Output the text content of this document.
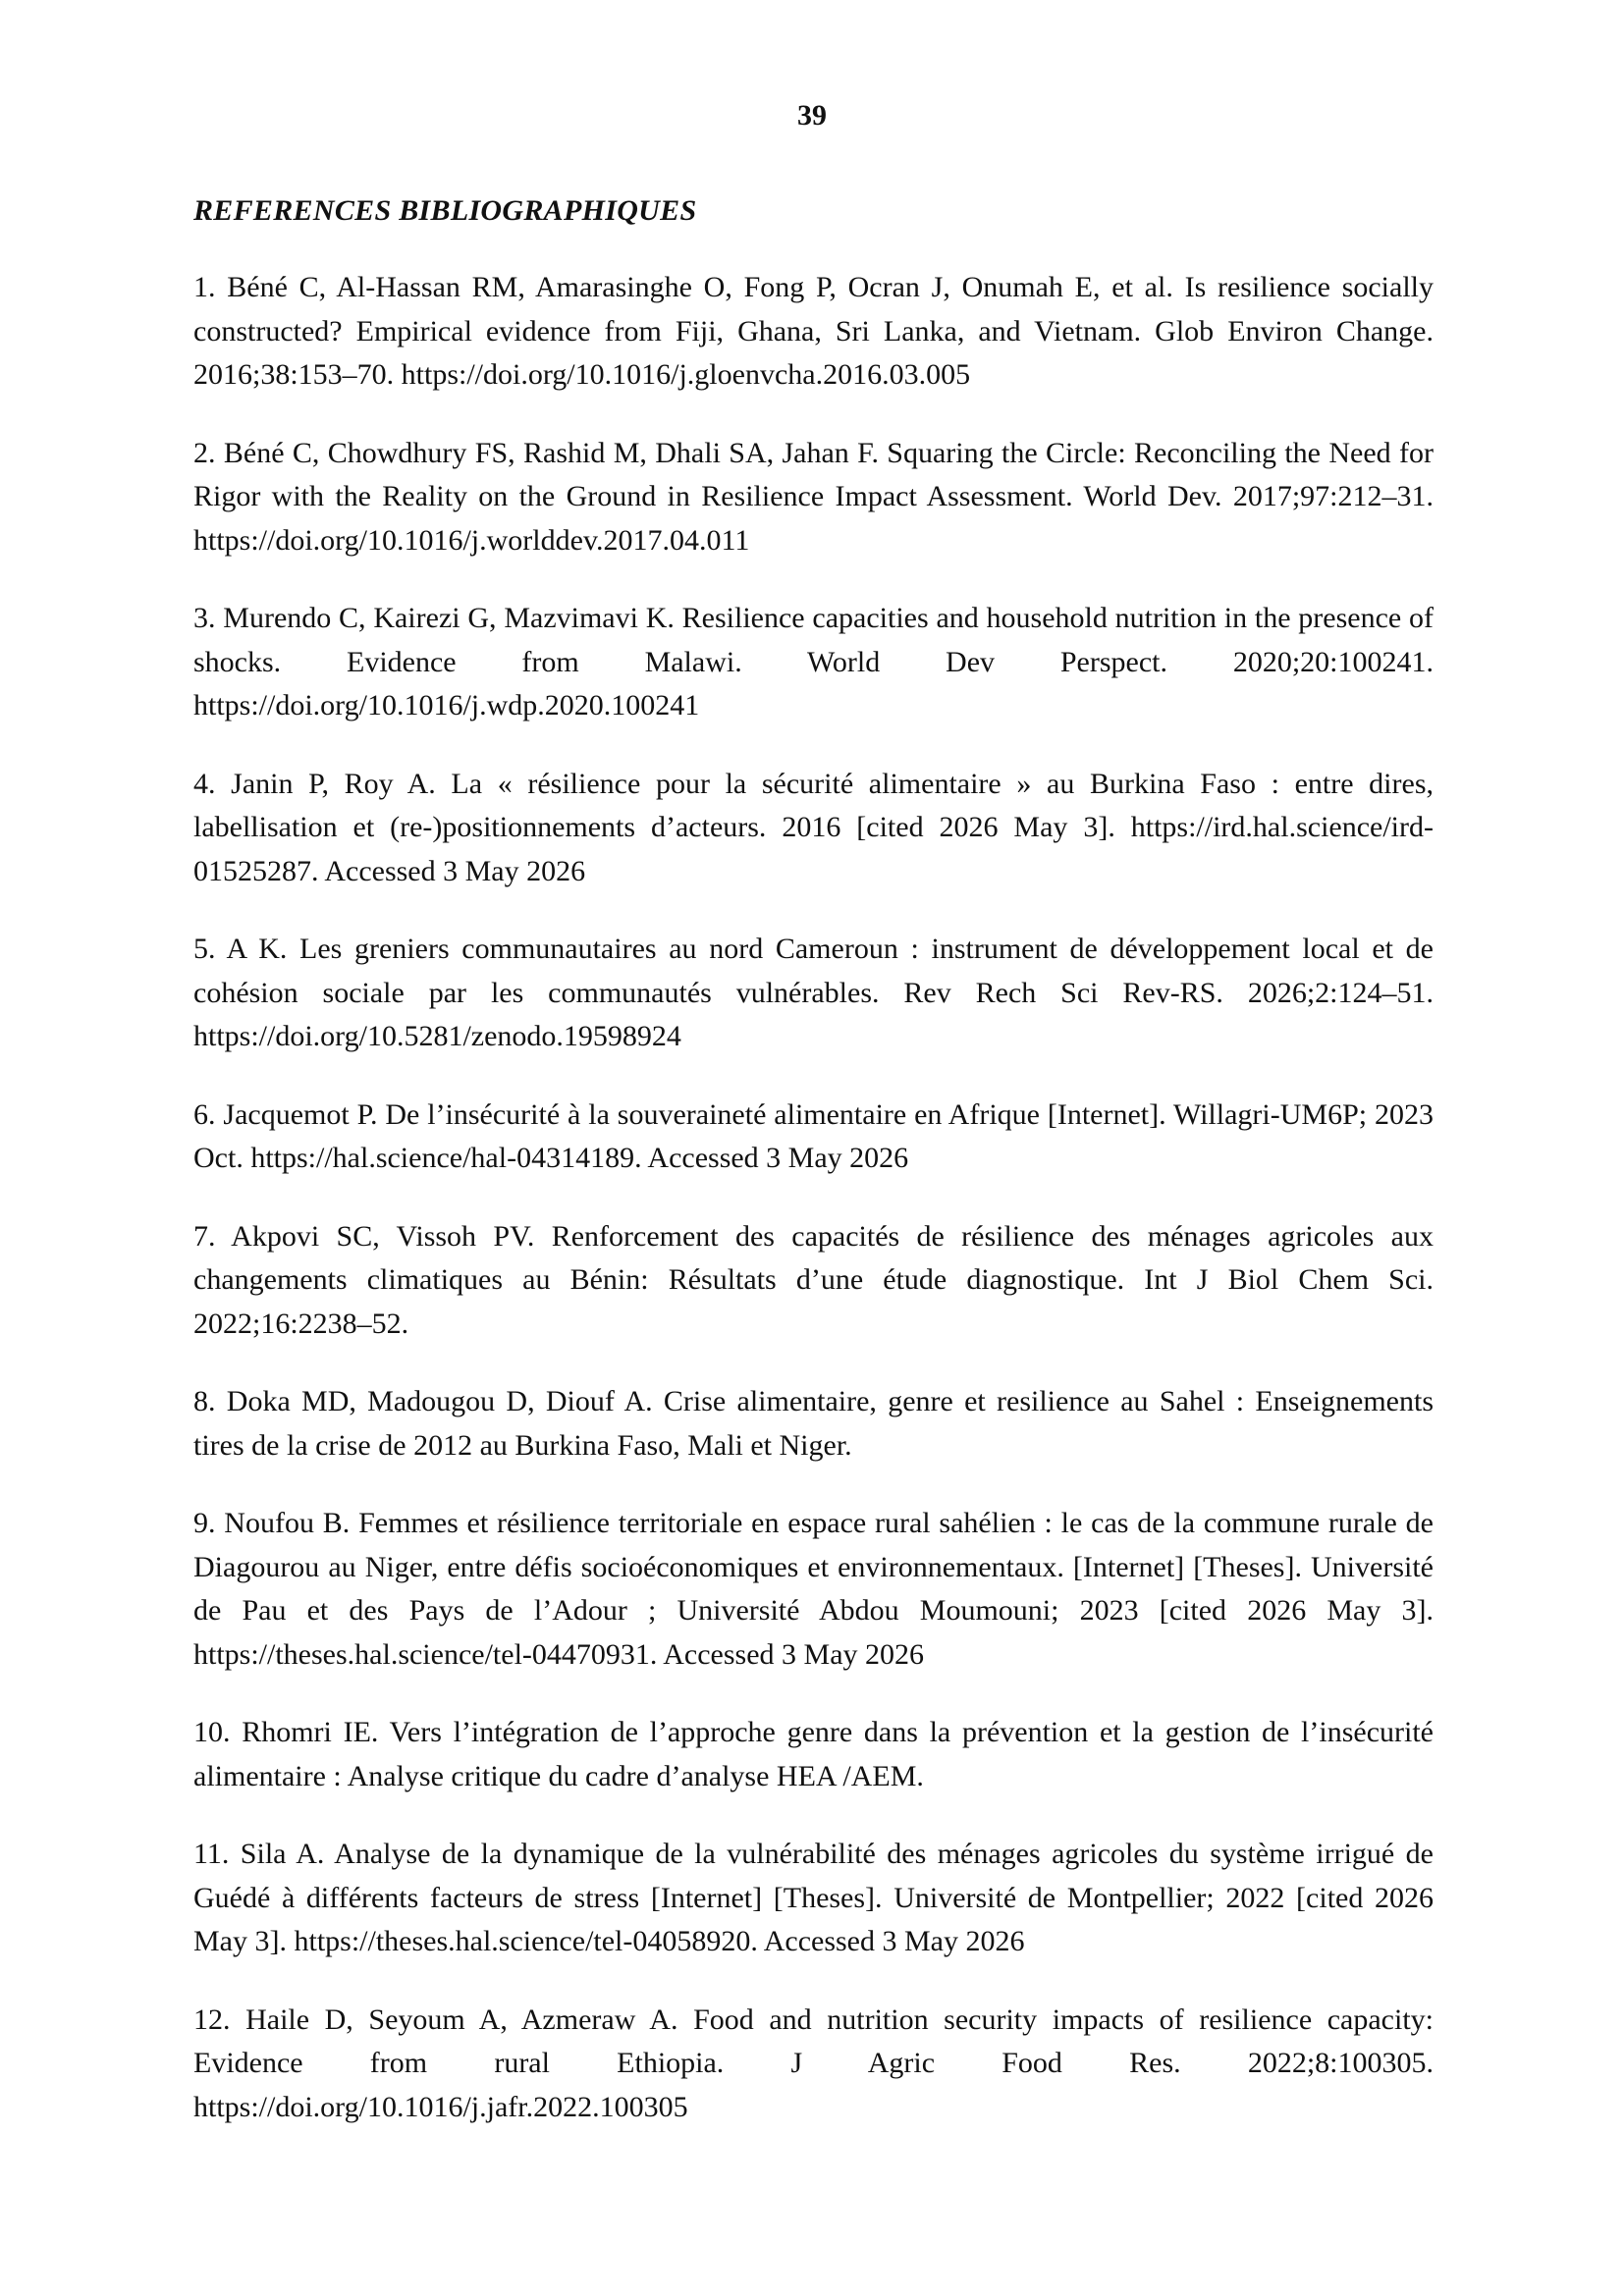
39
REFERENCES BIBLIOGRAPHIQUES
1. Béné C, Al-Hassan RM, Amarasinghe O, Fong P, Ocran J, Onumah E, et al. Is resilience socially constructed? Empirical evidence from Fiji, Ghana, Sri Lanka, and Vietnam. Glob Environ Change. 2016;38:153–70. https://doi.org/10.1016/j.gloenvcha.2016.03.005
2. Béné C, Chowdhury FS, Rashid M, Dhali SA, Jahan F. Squaring the Circle: Reconciling the Need for Rigor with the Reality on the Ground in Resilience Impact Assessment. World Dev. 2017;97:212–31. https://doi.org/10.1016/j.worlddev.2017.04.011
3. Murendo C, Kairezi G, Mazvimavi K. Resilience capacities and household nutrition in the presence of shocks. Evidence from Malawi. World Dev Perspect. 2020;20:100241. https://doi.org/10.1016/j.wdp.2020.100241
4. Janin P, Roy A. La « résilience pour la sécurité alimentaire » au Burkina Faso : entre dires, labellisation et (re-)positionnements d’acteurs. 2016 [cited 2026 May 3]. https://ird.hal.science/ird-01525287. Accessed 3 May 2026
5. A K. Les greniers communautaires au nord Cameroun : instrument de développement local et de cohésion sociale par les communautés vulnérables. Rev Rech Sci Rev-RS. 2026;2:124–51. https://doi.org/10.5281/zenodo.19598924
6. Jacquemot P. De l’insécurité à la souveraineté alimentaire en Afrique [Internet]. Willagri-UM6P; 2023 Oct. https://hal.science/hal-04314189. Accessed 3 May 2026
7. Akpovi SC, Vissoh PV. Renforcement des capacités de résilience des ménages agricoles aux changements climatiques au Bénin: Résultats d’une étude diagnostique. Int J Biol Chem Sci. 2022;16:2238–52.
8. Doka MD, Madougou D, Diouf A. Crise alimentaire, genre et resilience au Sahel : Enseignements tires de la crise de 2012 au Burkina Faso, Mali et Niger.
9. Noufou B. Femmes et résilience territoriale en espace rural sahélien : le cas de la commune rurale de Diagourou au Niger, entre défis socioéconomiques et environnementaux. [Internet] [Theses]. Université de Pau et des Pays de l’Adour ; Université Abdou Moumouni; 2023 [cited 2026 May 3]. https://theses.hal.science/tel-04470931. Accessed 3 May 2026
10. Rhomri IE. Vers l’intégration de l’approche genre dans la prévention et la gestion de l’insécurité alimentaire : Analyse critique du cadre d’analyse HEA /AEM.
11. Sila A. Analyse de la dynamique de la vulnérabilité des ménages agricoles du système irrigué de Guédé à différents facteurs de stress [Internet] [Theses]. Université de Montpellier; 2022 [cited 2026 May 3]. https://theses.hal.science/tel-04058920. Accessed 3 May 2026
12. Haile D, Seyoum A, Azmeraw A. Food and nutrition security impacts of resilience capacity: Evidence from rural Ethiopia. J Agric Food Res. 2022;8:100305. https://doi.org/10.1016/j.jafr.2022.100305
